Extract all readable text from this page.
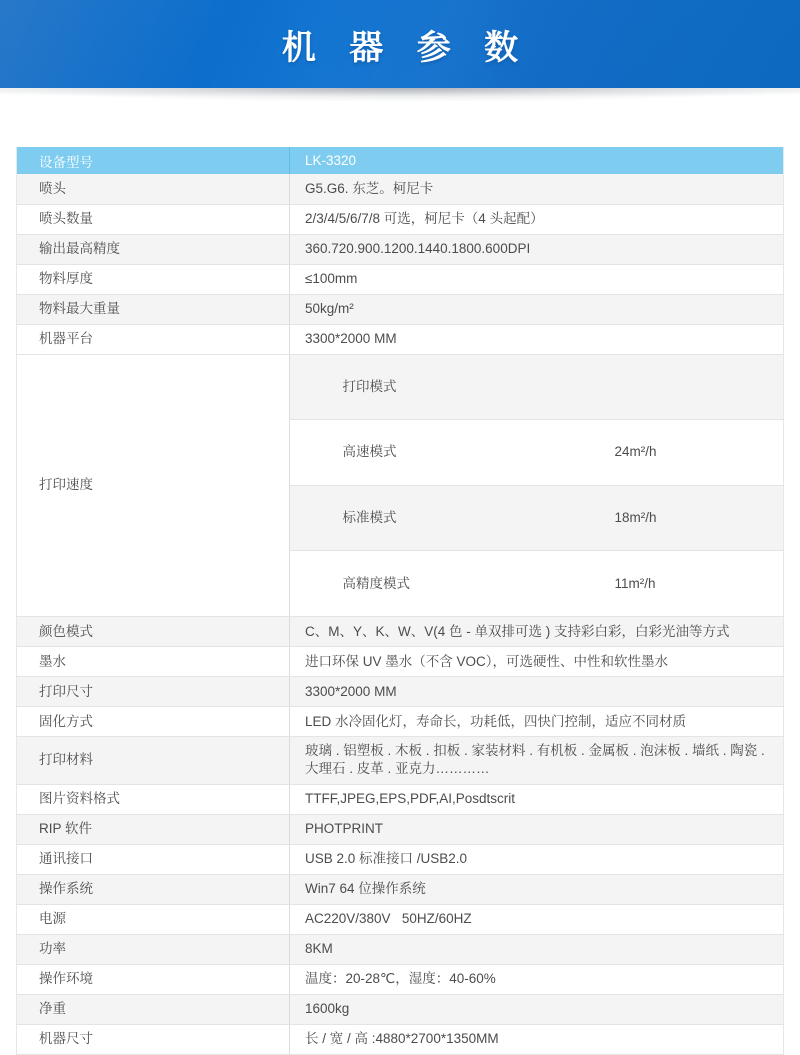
机 器 参 数
设备型号	LK-3320
喷头	G5.G6. 东芝。柯尼卡
喷头数量	2/3/4/5/6/7/8 可选，柯尼卡（4 头起配）
输出最高精度	360.720.900.1200.1440.1800.600DPI
物料厚度	≤100mm
物料最大重量	50kg/m²
机器平台	3300*2000 MM
打印速度	打印模式

高速模式 24m²/h

标准模式 18m²/h

高精度模式 11m²/h

颜色模式	C、M、Y、K、W、V(4 色 - 单双排可选 ) 支持彩白彩，白彩光油等方式
墨水	进口环保 UV 墨水（不含 VOC），可选硬性、中性和软性墨水
打印尺寸	3300*2000 MM
固化方式	LED 水冷固化灯，寿命长，功耗低，四快门控制，适应不同材质
打印材料	玻璃 . 铝塑板 . 木板 . 扣板 . 家装材料 . 有机板 . 金属板 . 泡沫板 . 墙纸 . 陶瓷 . 大理石 . 皮革 . 亚克力…………
图片资料格式	TTFF,JPEG,EPS,PDF,AI,Posdtscrit
RIP 软件	PHOTPRINT
通讯接口	USB 2.0 标准接口 /USB2.0
操作系统	Win7 64 位操作系统
电源	AC220V/380V   50HZ/60HZ
功率	8KM
操作环境	温度：20-28℃，湿度：40-60%
净重	1600kg
机器尺寸	长 / 宽 / 高 :4880*2700*1350MM
